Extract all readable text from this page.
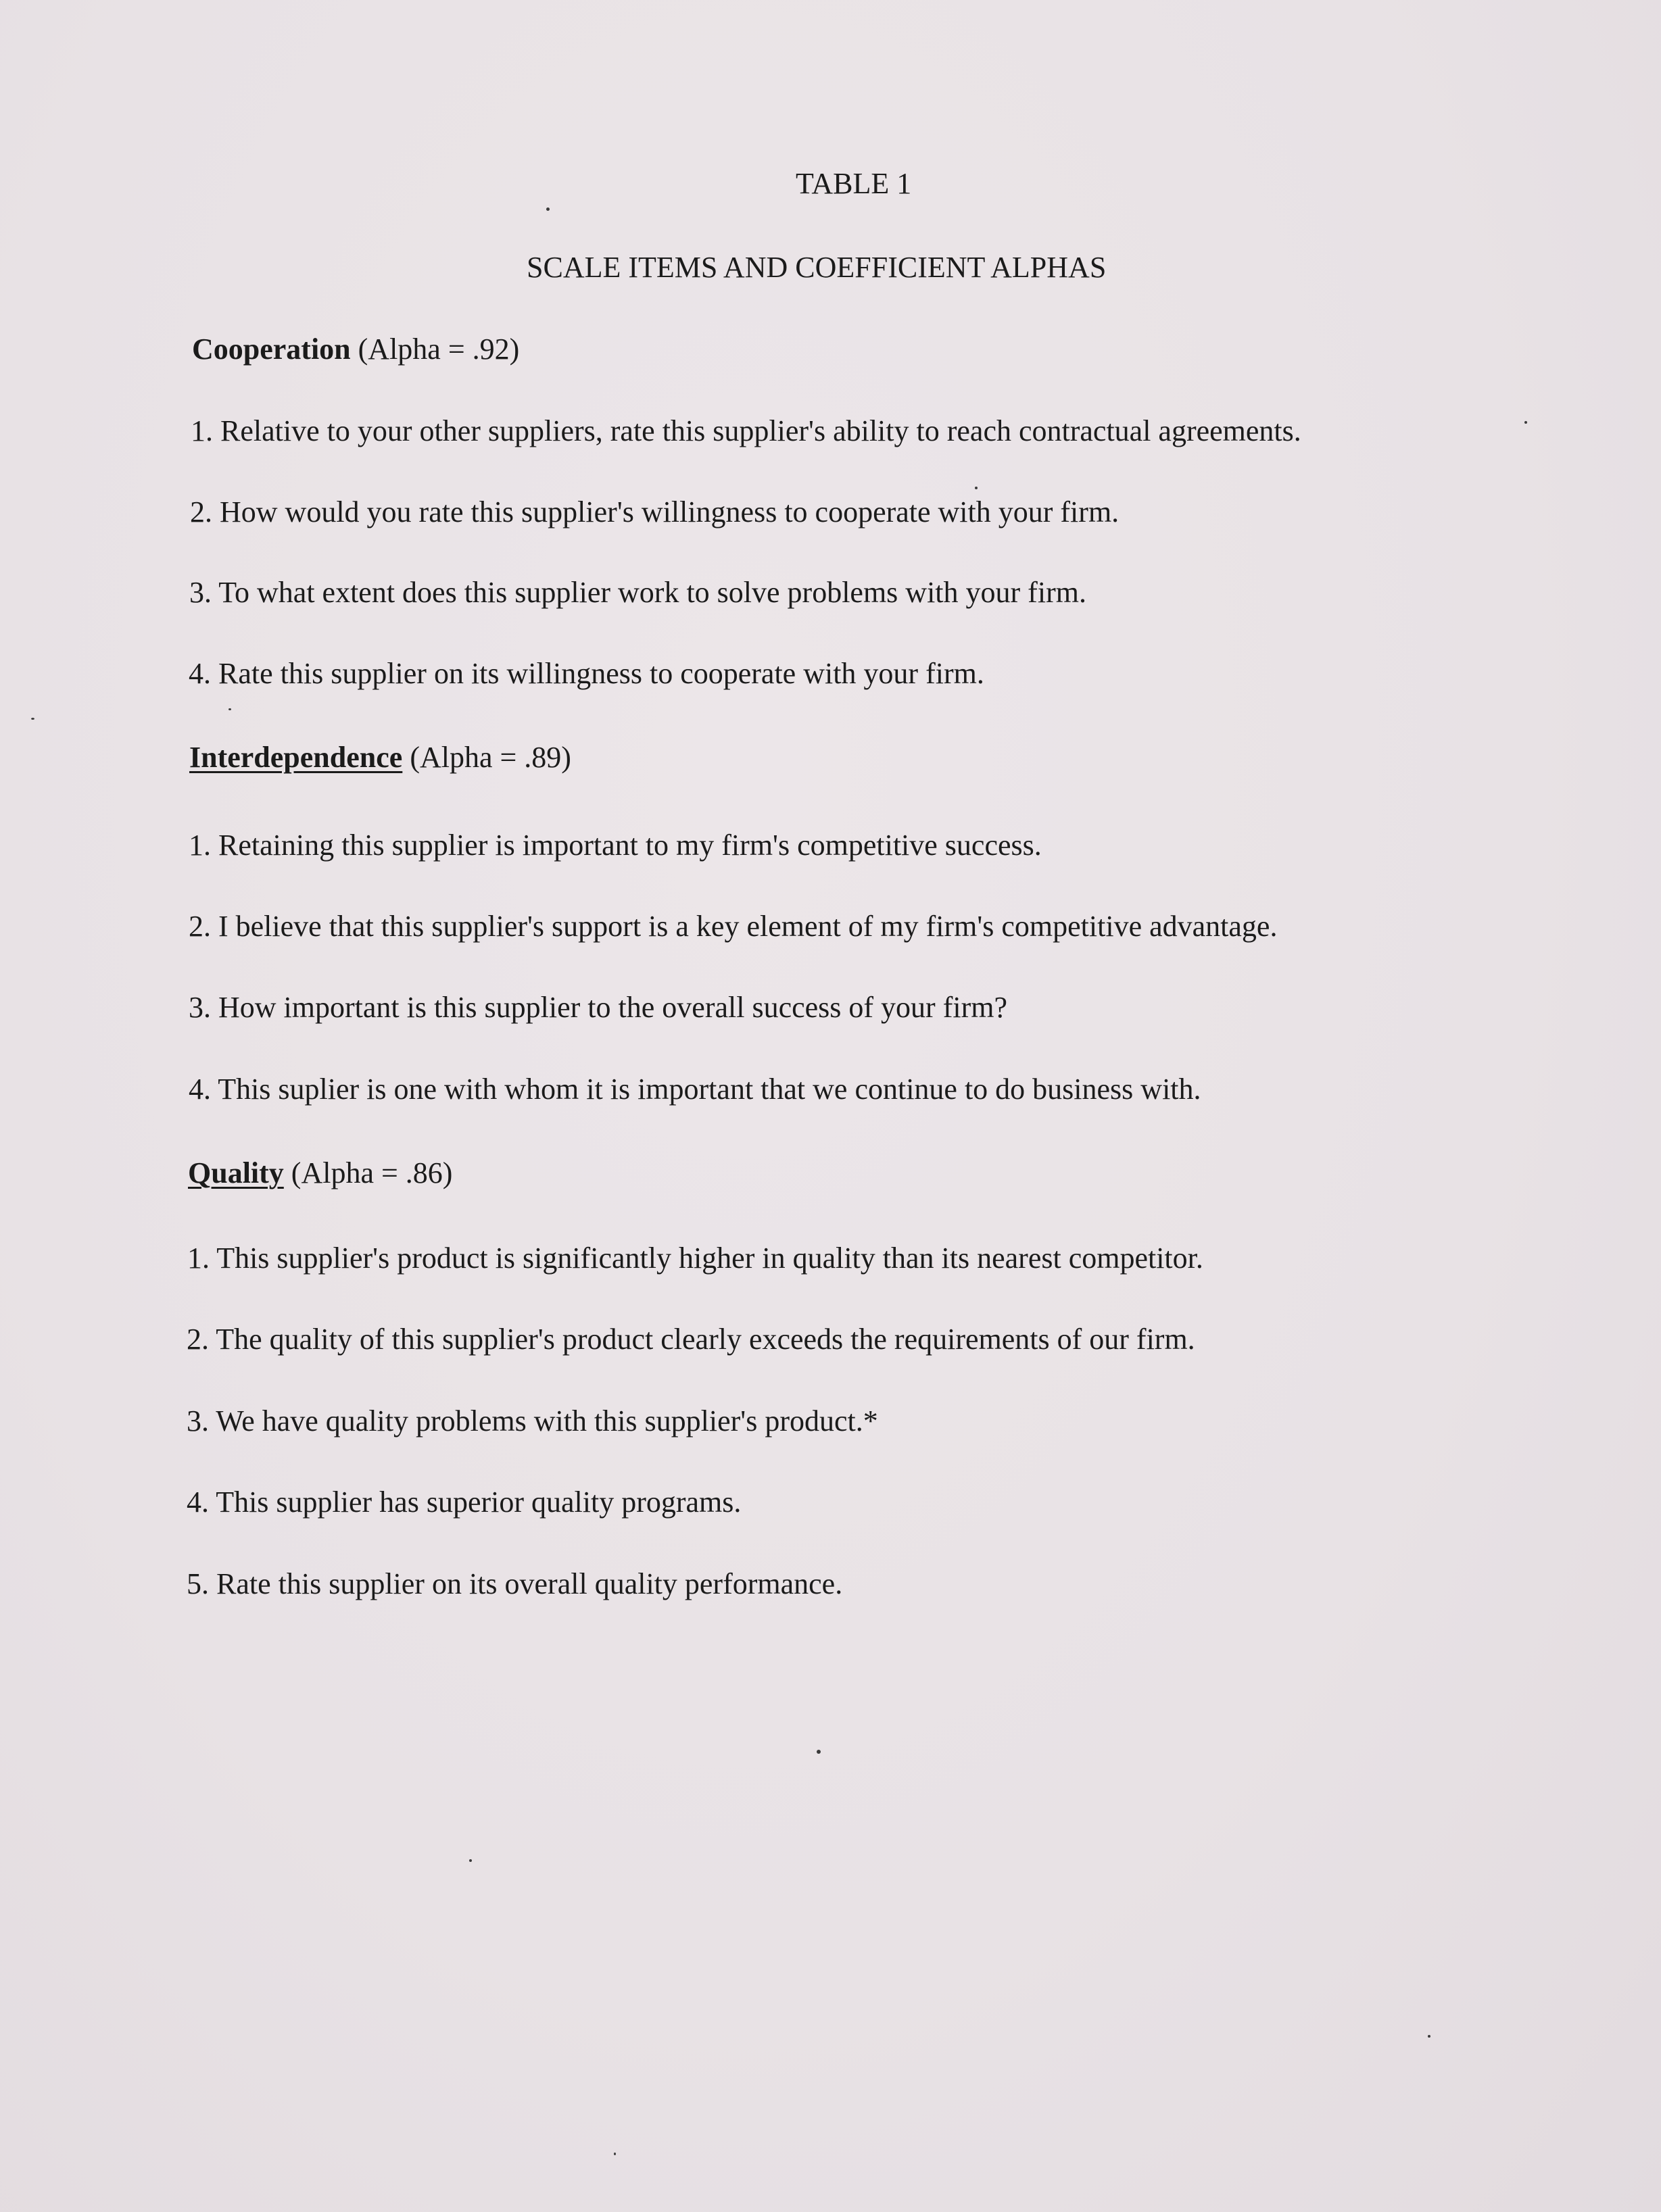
TABLE 1
SCALE ITEMS AND COEFFICIENT ALPHAS
Cooperation (Alpha = .92)
1. Relative to your other suppliers, rate this supplier's ability to reach contractual agreements.
2. How would you rate this supplier's willingness to cooperate with your firm.
3. To what extent does this supplier work to solve problems with your firm.
4. Rate this supplier on its willingness to cooperate with your firm.
Interdependence (Alpha = .89)
1. Retaining this supplier is important to my firm's competitive success.
2. I believe that this supplier's support is a key element of my firm's competitive advantage.
3. How important is this supplier to the overall success of your firm?
4. This suplier is one with whom it is important that we continue to do business with.
Quality (Alpha = .86)
1. This supplier's product is significantly higher in quality than its nearest competitor.
2. The quality of this supplier's product clearly exceeds the requirements of our firm.
3. We have quality problems with this supplier's product.*
4. This supplier has superior quality programs.
5. Rate this supplier on its overall quality performance.
